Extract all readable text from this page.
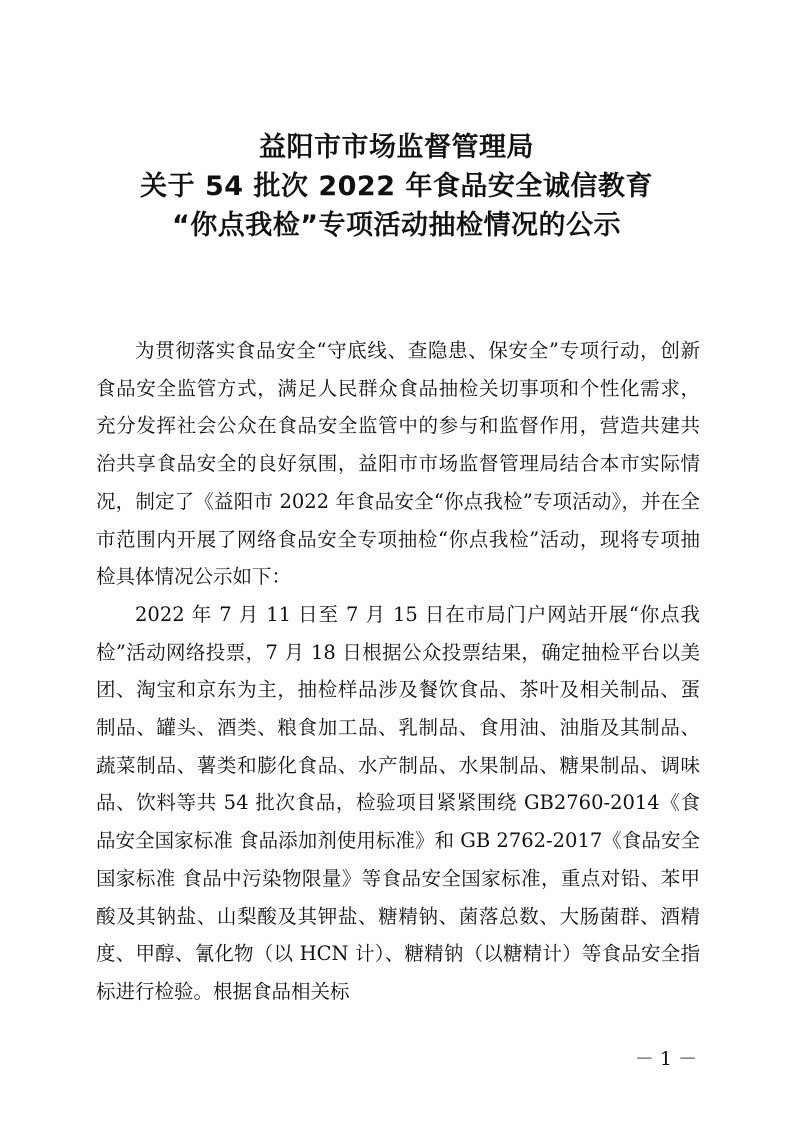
益阳市市场监督管理局
关于 54 批次 2022 年食品安全诚信教育
“你点我检”专项活动抽检情况的公示

为贯彻落实食品安全“守底线、查隐患、保安全”专项行动，创新食品安全监管方式，满足人民群众食品抽检关切事项和个性化需求，充分发挥社会公众在食品安全监管中的参与和监督作用，营造共建共治共享食品安全的良好氛围，益阳市市场监督管理局结合本市实际情况，制定了《益阳市 2022 年食品安全“你点我检”专项活动》，并在全市范围内开展了网络食品安全专项抽检“你点我检”活动，现将专项抽检具体情况公示如下：

2022 年 7 月 11 日至 7 月 15 日在市局门户网站开展“你点我检”活动网络投票，7 月 18 日根据公众投票结果，确定抽检平台以美团、淘宝和京东为主，抽检样品涉及餐饮食品、茶叶及相关制品、蛋制品、罐头、酒类、粮食加工品、乳制品、食用油、油脂及其制品、蔬菜制品、薯类和膨化食品、水产制品、水果制品、糖果制品、调味品、饮料等共 54 批次食品，检验项目紧紧围绕 GB2760-2014《食品安全国家标准 食品添加剂使用标准》和 GB 2762-2017《食品安全国家标准 食品中污染物限量》等食品安全国家标准，重点对铅、苯甲酸及其钠盐、山梨酸及其钾盐、糖精钠、菌落总数、大肠菌群、酒精度、甲醇、氰化物（以 HCN 计）、糖精钠（以糖精计）等食品安全指标进行检验。根据食品相关标

－ 1 －
